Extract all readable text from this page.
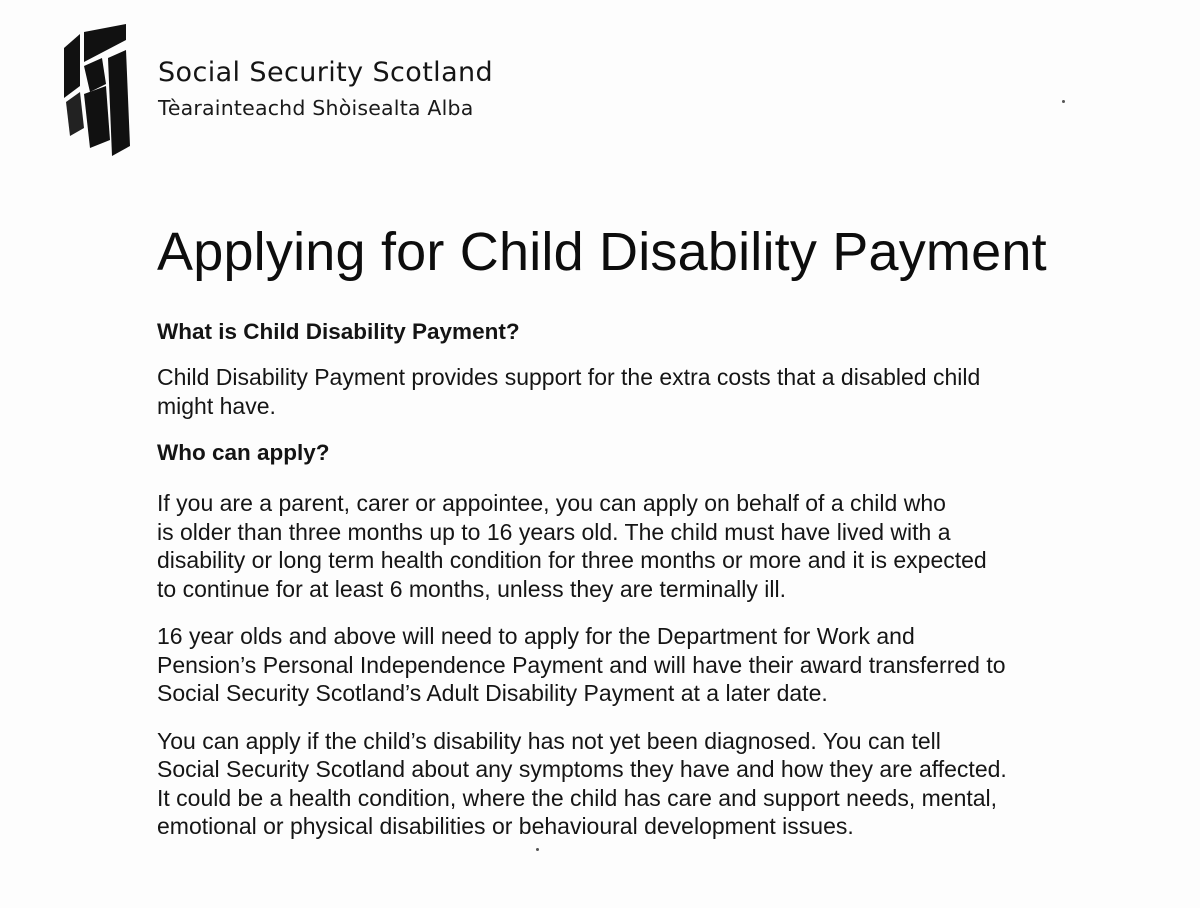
Social Security Scotland
Tèarainteachd Shòisealta Alba
Applying for Child Disability Payment
What is Child Disability Payment?

Child Disability Payment provides support for the extra costs that a disabled child
might have.

Who can apply?

If you are a parent, carer or appointee, you can apply on behalf of a child who
is older than three months up to 16 years old. The child must have lived with a
disability or long term health condition for three months or more and it is expected
to continue for at least 6 months, unless they are terminally ill.

16 year olds and above will need to apply for the Department for Work and
Pension’s Personal Independence Payment and will have their award transferred to
Social Security Scotland’s Adult Disability Payment at a later date.

You can apply if the child’s disability has not yet been diagnosed. You can tell
Social Security Scotland about any symptoms they have and how they are affected.
It could be a health condition, where the child has care and support needs, mental,
emotional or physical disabilities or behavioural development issues.
